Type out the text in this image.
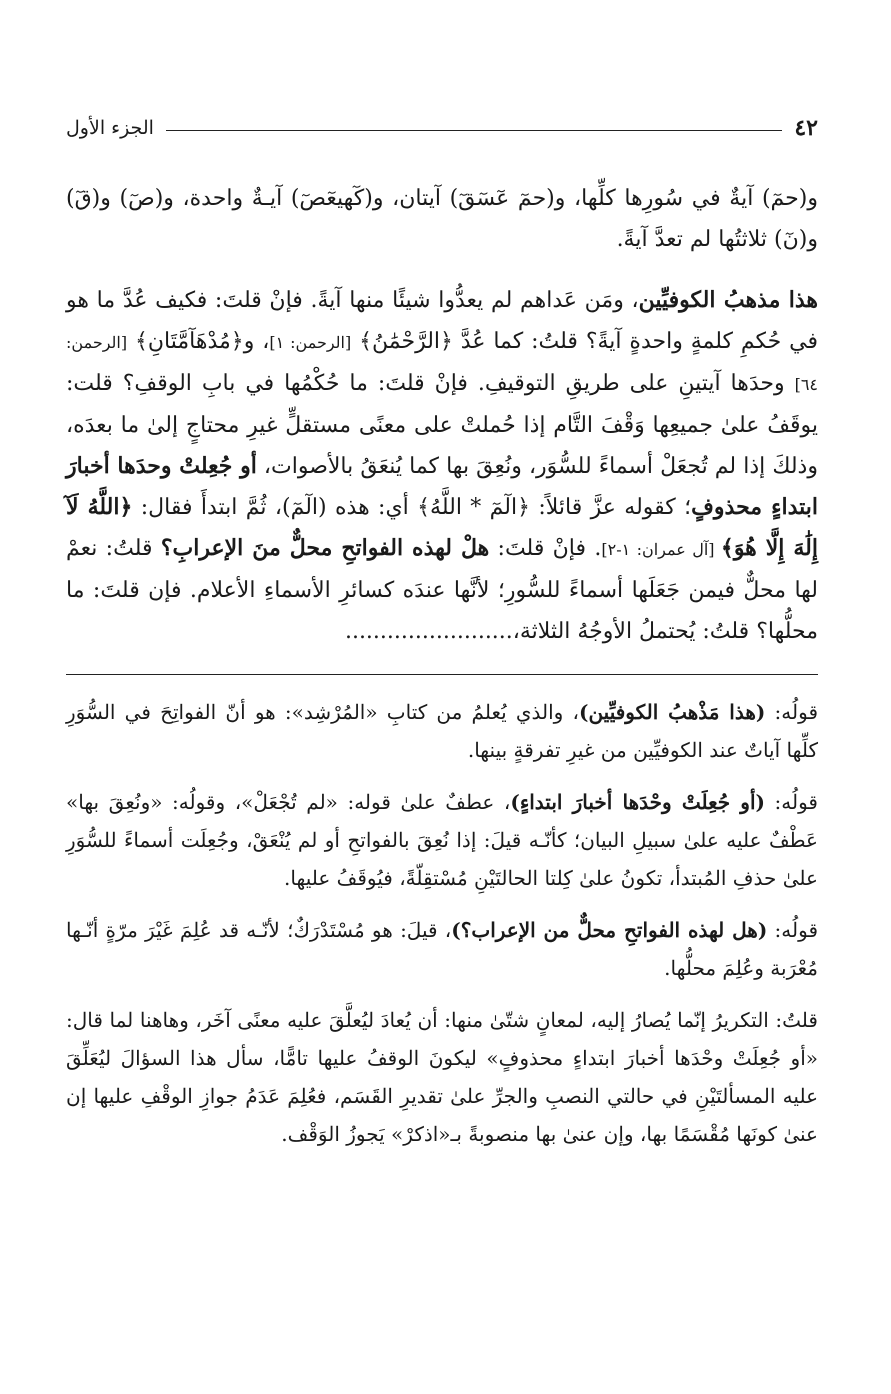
٤٢
الجزء الأول

و(حمٓ) آيةٌ في سُورِها كلِّها، و(حمٓ عٓسٓقٓ) آيتان، و(كٓهيعٓصٓ) آيـةٌ واحدة، و(صٓ) و(قٓ) و(نٓ) ثلاثتُها لم تعدَّ آيةً.

هذا مذهبُ الكوفيِّين، ومَن عَداهم لم يعدُّوا شيئًا منها آيةً. فإنْ قلتَ: فكيف عُدَّ ما هو في حُكمِ كلمةٍ واحدةٍ آيةً؟ قلتُ: كما عُدَّ ﴿الرَّحْمَٰنُ﴾ [الرحمن: ١]، و﴿مُدْهَآمَّتَانِ﴾ [الرحمن: ٦٤] وحدَها آيتينِ على طريقِ التوقيفِ. فإنْ قلتَ: ما حُكْمُها في بابِ الوقفِ؟ قلت: يوقَفُ علىٰ جميعِها وَقْفَ التَّام إذا حُملتْ على معنًى مستقلٍّ غيرِ محتاجٍ إلىٰ ما بعدَه، وذلكَ إذا لم تُجعَلْ أسماءً للسُّوَر، ونُعِقَ بها كما يُنعَقُ بالأصوات، أو جُعِلتْ وحدَها أخبارَ ابتداءٍ محذوفٍ؛ كقوله عزَّ قائلاً: ﴿الٓمٓ * اللَّهُ﴾ أي: هذه (الٓمٓ)، ثُمَّ ابتدأَ فقال: ﴿اللَّهُ لَآ إِلَٰهَ إِلَّا هُوَ﴾ [آل عمران: ١-٢]. فإنْ قلتَ: هلْ لهذه الفواتحِ محلٌّ منَ الإعرابِ؟ قلتُ: نعمْ لها محلٌّ فيمن جَعَلَها أسماءً للسُّورِ؛ لأنَّها عندَه كسائرِ الأسماءِ الأعلام. فإن قلتَ: ما محلُّها؟ قلتُ: يُحتملُ الأوجُهُ الثلاثة،........................

قولُه: (هذا مَذْهبُ الكوفيِّين)، والذي يُعلمُ من كتابِ «المُرْشِد»: هو أنّ الفواتِحَ في السُّوَرِ كلِّها آياتٌ عند الكوفيِّين من غيرِ تفرقةٍ بينها.

قولُه: (أو جُعِلَتْ وحْدَها أخبارَ ابتداءٍ)، عطفٌ علىٰ قوله: «لم تُجْعَلْ»، وقولُه: «ونُعِقَ بها» عَطْفٌ عليه علىٰ سبيلِ البيان؛ كأنّـه قيلَ: إذا نُعِقَ بالفواتحِ أو لم يُنْعَقْ، وجُعِلَت أسماءً للسُّوَرِ علىٰ حذفِ المُبتدأ، تكونُ علىٰ كِلتا الحالتَيْنِ مُسْتقِلّةً، فيُوقَفُ عليها.

قولُه: (هل لهذه الفواتحِ محلٌّ من الإعراب؟)، قيلَ: هو مُسْتَدْرَكٌ؛ لأنّـه قد عُلِمَ غَيْرَ مرّةٍ أنّـها مُعْرَبة وعُلِمَ محلُّها.

قلتُ: التكريرُ إنّما يُصارُ إليه، لمعانٍ شتّىٰ منها: أن يُعادَ ليُعلَّقَ عليه معنًى آخَر، وهاهنا لما قال: «أو جُعِلَتْ وحْدَها أخبارَ ابتداءٍ محذوفٍ» ليكونَ الوقفُ عليها تامًّا، سأل هذا السؤالَ ليُعَلِّقَ عليه المسألتَيْنِ في حالتي النصبِ والجرِّ علىٰ تقديرِ القَسَم، فعُلِمَ عَدَمُ جوازِ الوقْفِ عليها إن عنىٰ كونَها مُقْسَمًا بها، وإن عنىٰ بها منصوبةً بـ«اذكرْ» يَجوزُ الوَقْف.
